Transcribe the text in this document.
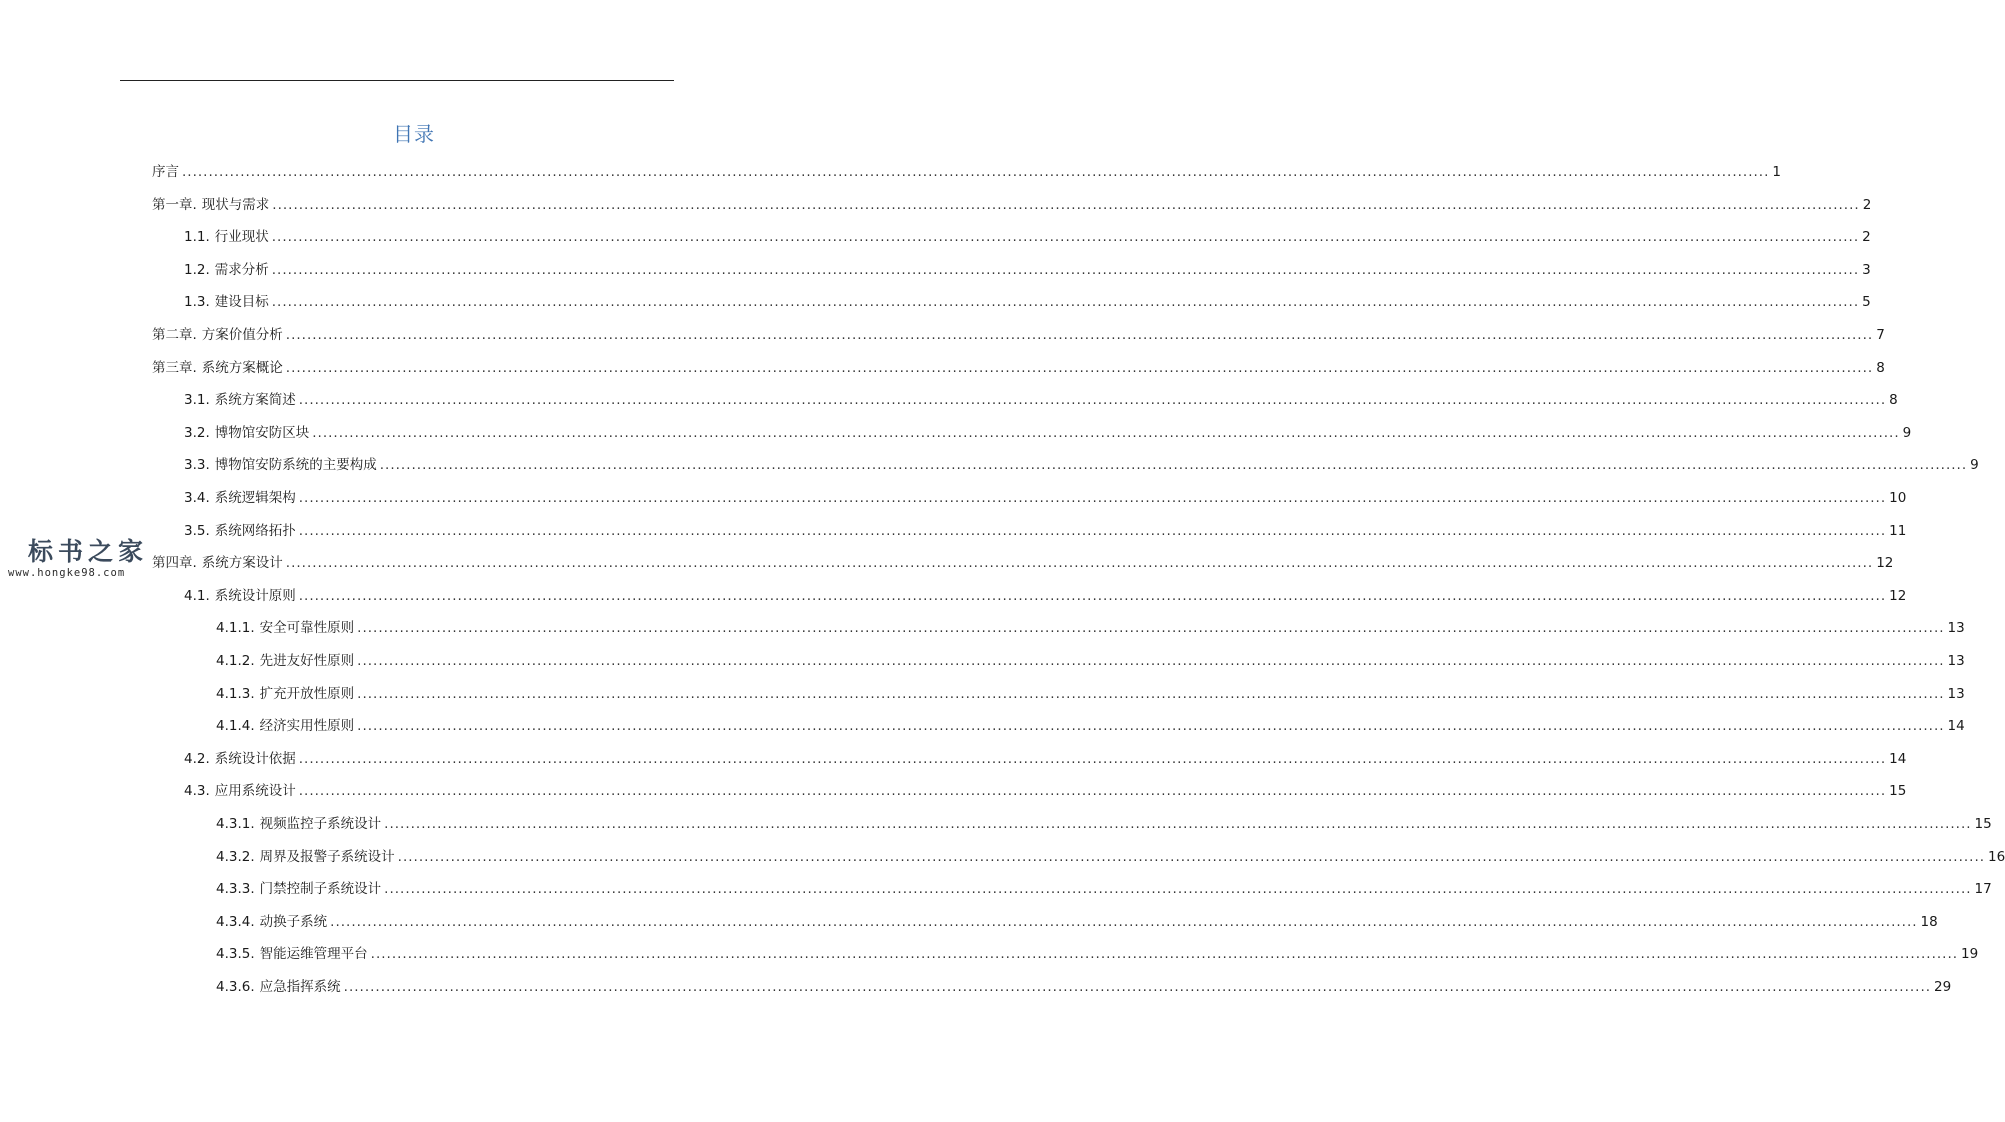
目录
序言 ............................................................................................................................................................................................................................................................................................................ 1
第一章. 现状与需求 ............................................................................................................................................................................................................................................................................................................ 2
1.1. 行业现状 ............................................................................................................................................................................................................................................................................................................ 2
1.2. 需求分析 ............................................................................................................................................................................................................................................................................................................ 3
1.3. 建设目标 ............................................................................................................................................................................................................................................................................................................ 5
第二章. 方案价值分析 ............................................................................................................................................................................................................................................................................................................ 7
第三章. 系统方案概论 ............................................................................................................................................................................................................................................................................................................ 8
3.1. 系统方案简述 ............................................................................................................................................................................................................................................................................................................ 8
3.2. 博物馆安防区块 ............................................................................................................................................................................................................................................................................................................ 9
3.3. 博物馆安防系统的主要构成 ............................................................................................................................................................................................................................................................................................................ 9
3.4. 系统逻辑架构 ............................................................................................................................................................................................................................................................................................................ 10
3.5. 系统网络拓扑 ............................................................................................................................................................................................................................................................................................................ 11
第四章. 系统方案设计 ............................................................................................................................................................................................................................................................................................................ 12
4.1. 系统设计原则 ............................................................................................................................................................................................................................................................................................................ 12
4.1.1. 安全可靠性原则 ............................................................................................................................................................................................................................................................................................................ 13
4.1.2. 先进友好性原则 ............................................................................................................................................................................................................................................................................................................ 13
4.1.3. 扩充开放性原则 ............................................................................................................................................................................................................................................................................................................ 13
4.1.4. 经济实用性原则 ............................................................................................................................................................................................................................................................................................................ 14
4.2. 系统设计依据 ............................................................................................................................................................................................................................................................................................................ 14
4.3. 应用系统设计 ............................................................................................................................................................................................................................................................................................................ 15
4.3.1. 视频监控子系统设计 ............................................................................................................................................................................................................................................................................................................ 15
4.3.2. 周界及报警子系统设计 ............................................................................................................................................................................................................................................................................................................ 16
4.3.3. 门禁控制子系统设计 ............................................................................................................................................................................................................................................................................................................ 17
4.3.4. 动换子系统 ............................................................................................................................................................................................................................................................................................................ 18
4.3.5. 智能运维管理平台 ............................................................................................................................................................................................................................................................................................................ 19
4.3.6. 应急指挥系统 ............................................................................................................................................................................................................................................................................................................ 29
标书之家
www.hongke98.com
